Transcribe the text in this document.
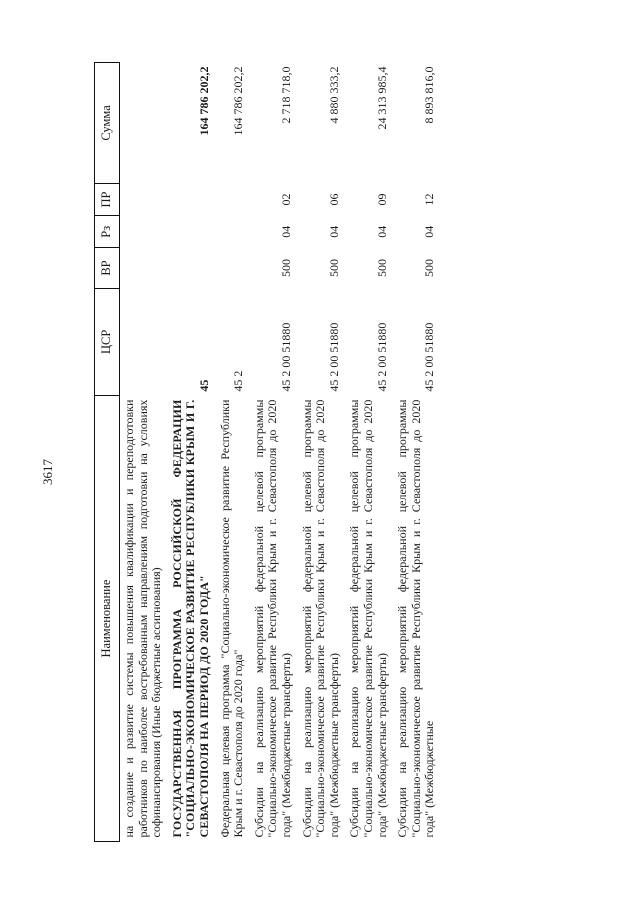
3617
Наименование	ЦСР	ВР	Рз	ПР	Сумма
на создание и развитие системы повышения квалификации и переподготовки работников по наиболее востребованным направлениям подготовки на условиях софинансирования (Иные бюджетные ассигнования)					
ГОСУДАРСТВЕННАЯ ПРОГРАММА РОССИЙСКОЙ ФЕДЕРАЦИИ "СОЦИАЛЬНО-ЭКОНОМИЧЕСКОЕ РАЗВИТИЕ РЕСПУБЛИКИ КРЫМ И Г. СЕВАСТОПОЛЯ НА ПЕРИОД ДО 2020 ГОДА"	45				164 786 202,2
Федеральная целевая программа "Социально-экономическое развитие Республики Крым и г. Севастополя до 2020 года"	45 2				164 786 202,2
Субсидии на реализацию мероприятий федеральной целевой программы "Социально-экономическое развитие Республики Крым и г. Севастополя до 2020 года" (Межбюджетные трансферты)	45 2 00 51880	500	04	02	2 718 718,0
Субсидии на реализацию мероприятий федеральной целевой программы "Социально-экономическое развитие Республики Крым и г. Севастополя до 2020 года" (Межбюджетные трансферты)	45 2 00 51880	500	04	06	4 880 333,2
Субсидии на реализацию мероприятий федеральной целевой программы "Социально-экономическое развитие Республики Крым и г. Севастополя до 2020 года" (Межбюджетные трансферты)	45 2 00 51880	500	04	09	24 313 985,4
Субсидии на реализацию мероприятий федеральной целевой программы "Социально-экономическое развитие Республики Крым и г. Севастополя до 2020 года" (Межбюджетные	45 2 00 51880	500	04	12	8 893 816,0
